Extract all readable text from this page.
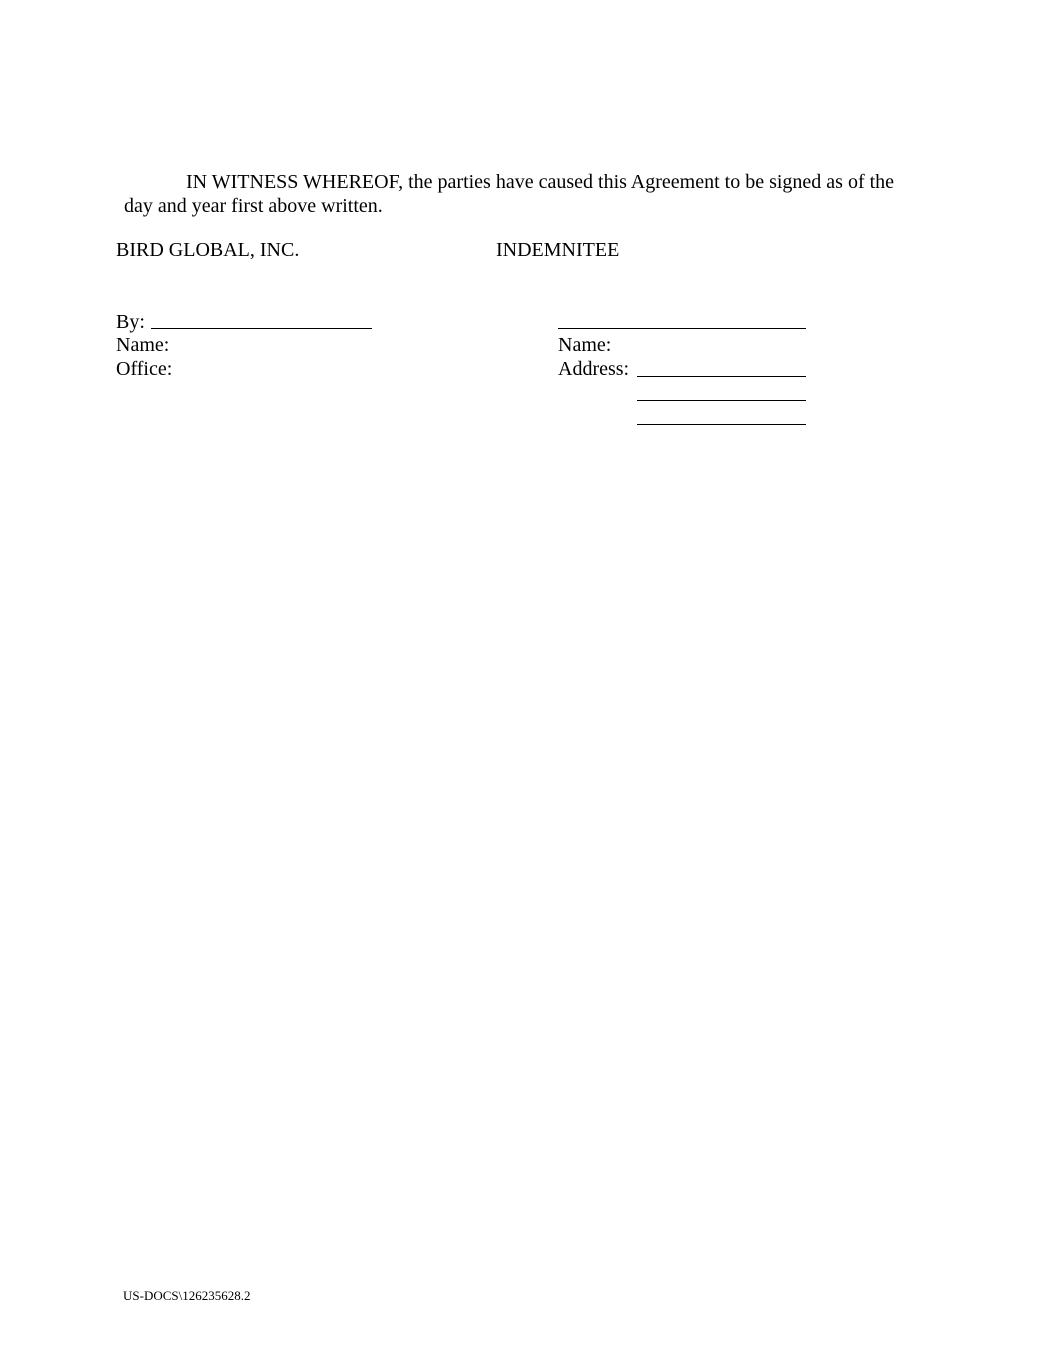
IN WITNESS WHEREOF, the parties have caused this Agreement to be signed as of the
day and year first above written.
BIRD GLOBAL, INC.	INDEMNITEE
By:
Name:
Office:
Name:
Address:
US-DOCS\126235628.2
